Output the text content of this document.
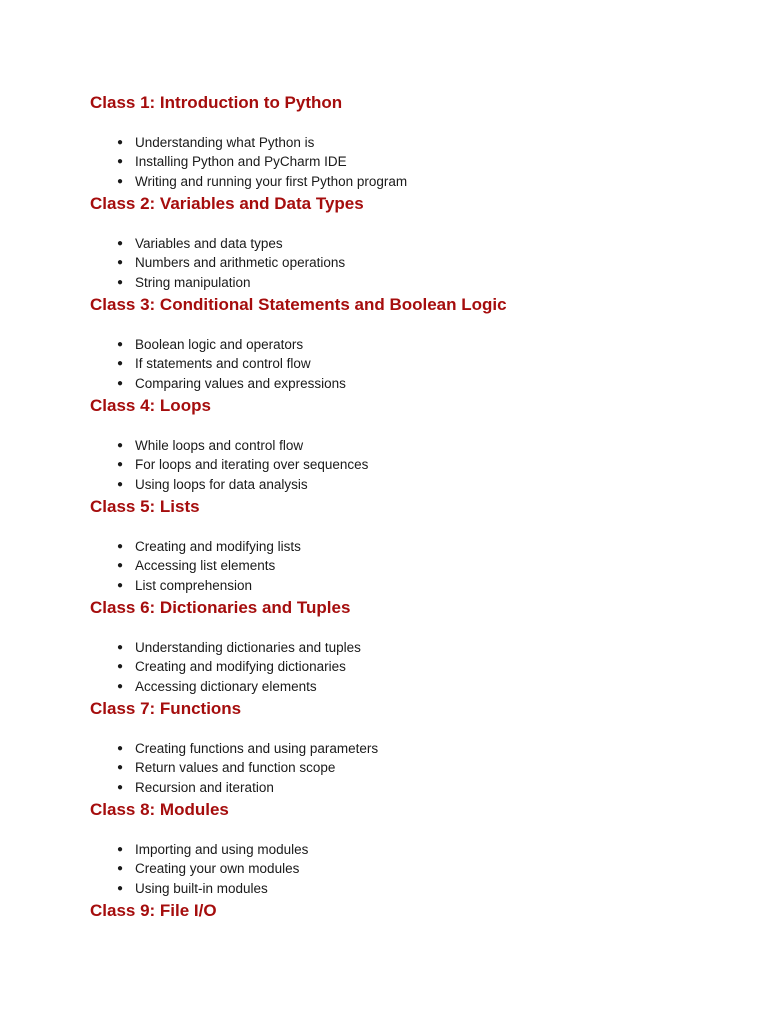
Class 1: Introduction to Python
● Understanding what Python is
● Installing Python and PyCharm IDE
● Writing and running your first Python program
Class 2: Variables and Data Types
● Variables and data types
● Numbers and arithmetic operations
● String manipulation
Class 3: Conditional Statements and Boolean Logic
● Boolean logic and operators
● If statements and control flow
● Comparing values and expressions
Class 4: Loops
● While loops and control flow
● For loops and iterating over sequences
● Using loops for data analysis
Class 5: Lists
● Creating and modifying lists
● Accessing list elements
● List comprehension
Class 6: Dictionaries and Tuples
● Understanding dictionaries and tuples
● Creating and modifying dictionaries
● Accessing dictionary elements
Class 7: Functions
● Creating functions and using parameters
● Return values and function scope
● Recursion and iteration
Class 8: Modules
● Importing and using modules
● Creating your own modules
● Using built-in modules
Class 9: File I/O
